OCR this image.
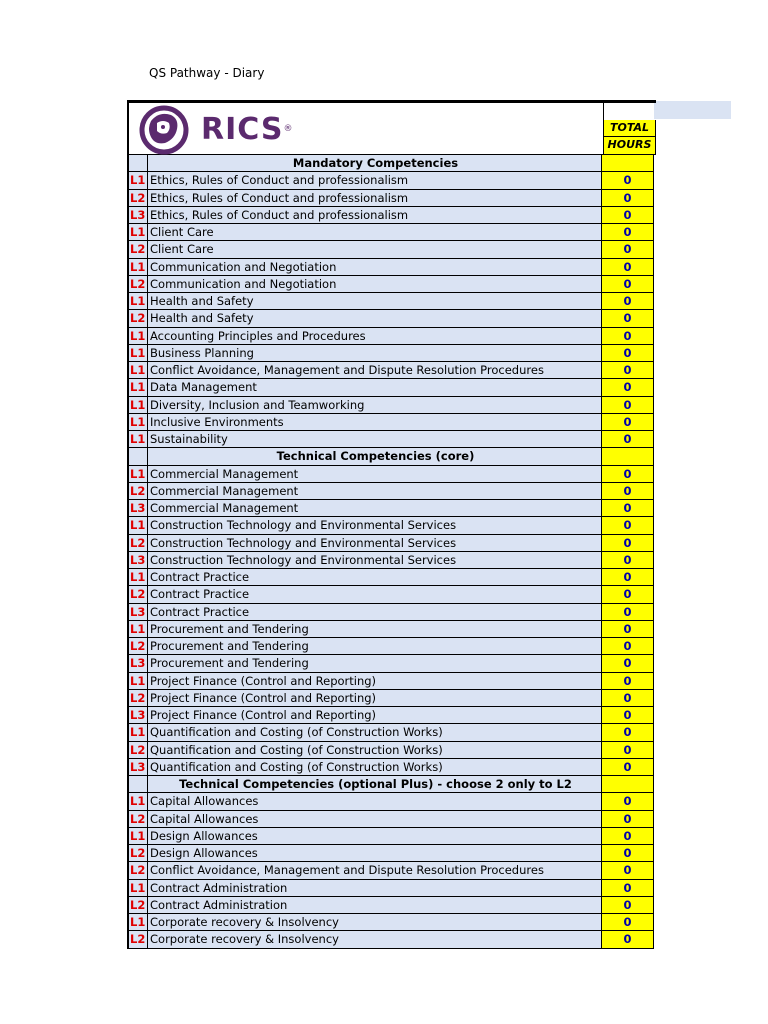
QS Pathway - Diary
RICS ®	TOTAL
HOURS
Mandatory Competencies
L1 Ethics, Rules of Conduct and professionalism	0
L2 Ethics, Rules of Conduct and professionalism	0
L3 Ethics, Rules of Conduct and professionalism	0
L1 Client Care	0
L2 Client Care	0
L1 Communication and Negotiation	0
L2 Communication and Negotiation	0
L1 Health and Safety	0
L2 Health and Safety	0
L1 Accounting Principles and Procedures	0
L1 Business Planning	0
L1 Conflict Avoidance, Management and Dispute Resolution Procedures	0
L1 Data Management	0
L1 Diversity, Inclusion and Teamworking	0
L1 Inclusive Environments	0
L1 Sustainability	0
Technical Competencies (core)
L1 Commercial Management	0
L2 Commercial Management	0
L3 Commercial Management	0
L1 Construction Technology and Environmental Services	0
L2 Construction Technology and Environmental Services	0
L3 Construction Technology and Environmental Services	0
L1 Contract Practice	0
L2 Contract Practice	0
L3 Contract Practice	0
L1 Procurement and Tendering	0
L2 Procurement and Tendering	0
L3 Procurement and Tendering	0
L1 Project Finance (Control and Reporting)	0
L2 Project Finance (Control and Reporting)	0
L3 Project Finance (Control and Reporting)	0
L1 Quantification and Costing (of Construction Works)	0
L2 Quantification and Costing (of Construction Works)	0
L3 Quantification and Costing (of Construction Works)	0
Technical Competencies (optional Plus) - choose 2 only to L2
L1 Capital Allowances	0
L2 Capital Allowances	0
L1 Design Allowances	0
L2 Design Allowances	0
L2 Conflict Avoidance, Management and Dispute Resolution Procedures	0
L1 Contract Administration	0
L2 Contract Administration	0
L1 Corporate recovery & Insolvency	0
L2 Corporate recovery & Insolvency	0
